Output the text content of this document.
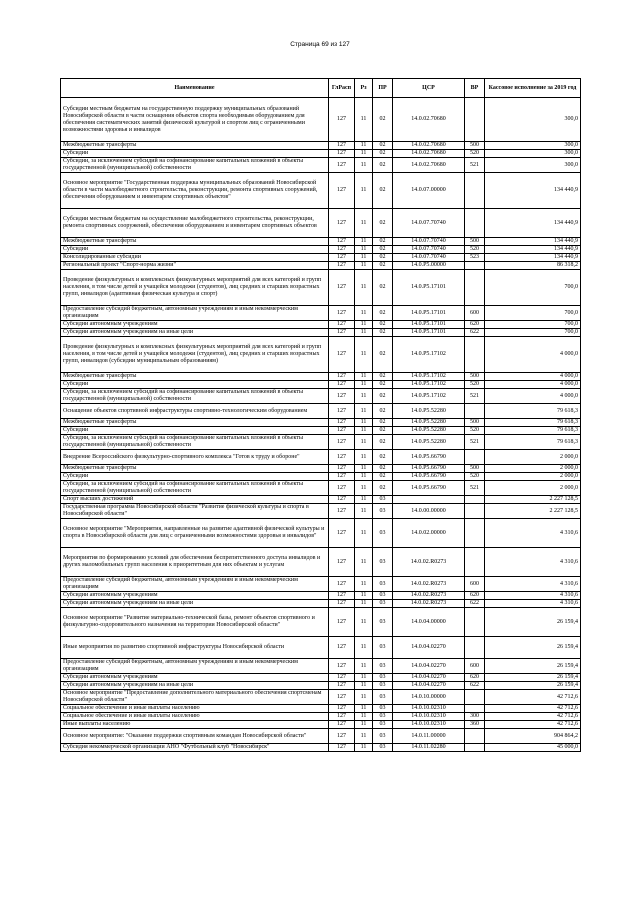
Страница 69 из 127
Наименование	ГлРасп	Рз	ПР	ЦСР	ВР	Кассовое исполнение за 2019 год
Субсидии местным бюджетам на государственную поддержку муниципальных образований Новосибирской области в части оснащения объектов спорта необходимым оборудованием для обеспечения систематических занятий физической культурой и спортом лиц с ограниченными возможностями здоровья и инвалидов	127	11	02	14.0.02.70680		300,0
Межбюджетные трансферты	127	11	02	14.0.02.70680	500	300,0
Субсидии	127	11	02	14.0.02.70680	520	300,0
Субсидии, за исключением субсидий на софинансирование капитальных вложений в объекты государственной (муниципальной) собственности	127	11	02	14.0.02.70680	521	300,0
Основное мероприятие "Государственная поддержка муниципальных образований Новосибирской области в части малобюджетного строительства, реконструкции, ремонта спортивных сооружений, обеспечения оборудованием и инвентарем спортивных объектов"	127	11	02	14.0.07.00000		134 440,9
Субсидии местным бюджетам на осуществление малобюджетного строительства, реконструкции, ремонта спортивных сооружений, обеспечения оборудованием и инвентарем спортивных объектов	127	11	02	14.0.07.70740		134 440,9
Межбюджетные трансферты	127	11	02	14.0.07.70740	500	134 440,9
Субсидии	127	11	02	14.0.07.70740	520	134 440,9
Консолидированные субсидии	127	11	02	14.0.07.70740	523	134 440,9
Региональный проект "Спорт-норма жизни"	127	11	02	14.0.P5.00000		86 318,2
Проведение физкультурных и комплексных физкультурных мероприятий для всех категорий и групп населения, в том числе детей и учащейся молодежи (студентов), лиц средних и старших возрастных групп, инвалидов (адаптивная физическая культура и спорт)	127	11	02	14.0.P5.17101		700,0
Предоставление субсидий бюджетным, автономным учреждениям и иным некоммерческим организациям	127	11	02	14.0.P5.17101	600	700,0
Субсидии автономным учреждениям	127	11	02	14.0.P5.17101	620	700,0
Субсидии автономным учреждениям на иные цели	127	11	02	14.0.P5.17101	622	700,0
Проведение физкультурных и комплексных физкультурных мероприятий для всех категорий и групп населения, в том числе детей и учащейся молодежи (студентов), лиц средних и старших возрастных групп, инвалидов (субсидии муниципальным образованиям)	127	11	02	14.0.P5.17102		4 000,0
Межбюджетные трансферты	127	11	02	14.0.P5.17102	500	4 000,0
Субсидии	127	11	02	14.0.P5.17102	520	4 000,0
Субсидии, за исключением субсидий на софинансирование капитальных вложений в объекты государственной (муниципальной) собственности	127	11	02	14.0.P5.17102	521	4 000,0
Оснащение объектов спортивной инфраструктуры спортивно-технологическим оборудованием	127	11	02	14.0.P5.52280		79 618,3
Межбюджетные трансферты	127	11	02	14.0.P5.52280	500	79 618,3
Субсидии	127	11	02	14.0.P5.52280	520	79 618,3
Субсидии, за исключением субсидий на софинансирование капитальных вложений в объекты государственной (муниципальной) собственности	127	11	02	14.0.P5.52280	521	79 618,3
Внедрение Всероссийского физкультурно-спортивного комплекса "Готов к труду и обороне"	127	11	02	14.0.P5.66790		2 000,0
Межбюджетные трансферты	127	11	02	14.0.P5.66790	500	2 000,0
Субсидии	127	11	02	14.0.P5.66790	520	2 000,0
Субсидии, за исключением субсидий на софинансирование капитальных вложений в объекты государственной (муниципальной) собственности	127	11	02	14.0.P5.66790	521	2 000,0
Спорт высших достижений	127	11	03			2 227 128,5
Государственная программа Новосибирской области "Развитие физической культуры и спорта в Новосибирской области"	127	11	03	14.0.00.00000		2 227 128,5
Основное мероприятие "Мероприятия, направленные на развитие адаптивной физической культуры и спорта в Новосибирской области для лиц с ограниченными возможностями здоровья и инвалидов"	127	11	03	14.0.02.00000		4 310,6
Мероприятия по формированию условий для обеспечения беспрепятственного доступа инвалидов и других маломобильных групп населения к приоритетным для них объектам и услугам	127	11	03	14.0.02.R0273		4 310,6
Предоставление субсидий бюджетным, автономным учреждениям и иным некоммерческим организациям	127	11	03	14.0.02.R0273	600	4 310,6
Субсидии автономным учреждениям	127	11	03	14.0.02.R0273	620	4 310,6
Субсидии автономным учреждениям на иные цели	127	11	03	14.0.02.R0273	622	4 310,6
Основное мероприятие "Развитие материально-технической базы, ремонт объектов спортивного и физкультурно-оздоровительного назначения на территории Новосибирской области"	127	11	03	14.0.04.00000		26 159,4
Иные мероприятия по развитию спортивной инфраструктуры Новосибирской области	127	11	03	14.0.04.02270		26 159,4
Предоставление субсидий бюджетным, автономным учреждениям и иным некоммерческим организациям	127	11	03	14.0.04.02270	600	26 159,4
Субсидии автономным учреждениям	127	11	03	14.0.04.02270	620	26 159,4
Субсидии автономным учреждениям на иные цели	127	11	03	14.0.04.02270	622	26 159,4
Основное мероприятие "Предоставление дополнительного материального обеспечения спортсменам Новосибирской области"	127	11	03	14.0.10.00000		42 712,6
Социальное обеспечение и иные выплаты населению	127	11	03	14.0.10.02310		42 712,6
Социальное обеспечение и иные выплаты населению	127	11	03	14.0.10.02310	300	42 712,6
Иные выплаты населению	127	11	03	14.0.10.02310	360	42 712,6
Основное мероприятие: "Оказание поддержки спортивным командам Новосибирской области"	127	11	03	14.0.11.00000		904 864,2
Субсидия некоммерческой организации АНО "Футбольный клуб "Новосибирск"	127	11	03	14.0.11.02280		45 000,0
